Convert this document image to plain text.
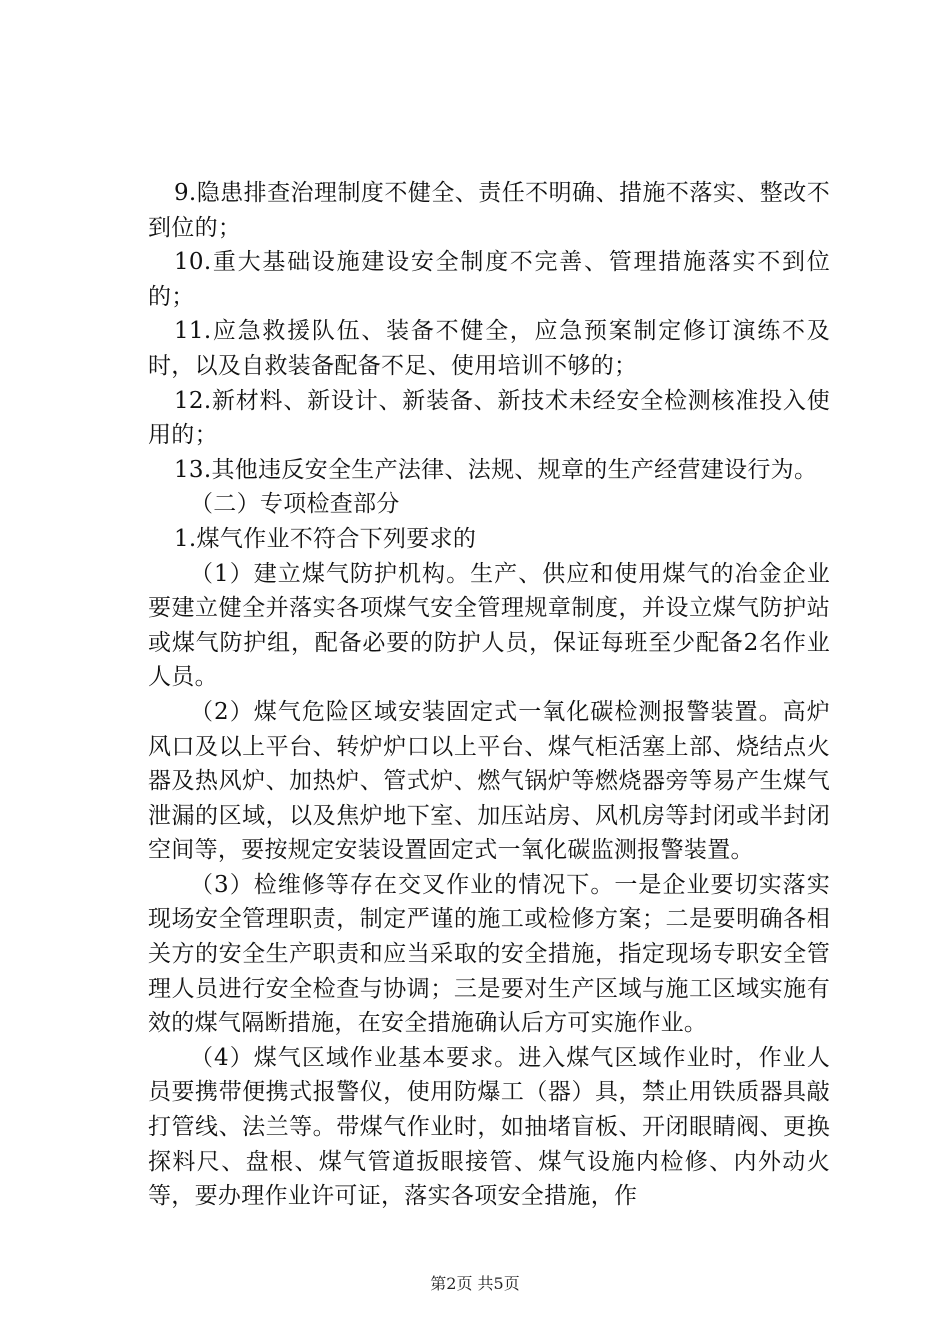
9.隐患排查治理制度不健全、责任不明确、措施不落实、整改不到位的；

10.重大基础设施建设安全制度不完善、管理措施落实不到位的；

11.应急救援队伍、装备不健全，应急预案制定修订演练不及时，以及自救装备配备不足、使用培训不够的；

12.新材料、新设计、新装备、新技术未经安全检测核准投入使用的；

13.其他违反安全生产法律、法规、规章的生产经营建设行为。

（二）专项检查部分

1.煤气作业不符合下列要求的

（1）建立煤气防护机构。生产、供应和使用煤气的冶金企业要建立健全并落实各项煤气安全管理规章制度，并设立煤气防护站或煤气防护组，配备必要的防护人员，保证每班至少配备2名作业人员。

（2）煤气危险区域安装固定式一氧化碳检测报警装置。高炉风口及以上平台、转炉炉口以上平台、煤气柜活塞上部、烧结点火器及热风炉、加热炉、管式炉、燃气锅炉等燃烧器旁等易产生煤气泄漏的区域，以及焦炉地下室、加压站房、风机房等封闭或半封闭空间等，要按规定安装设置固定式一氧化碳监测报警装置。

（3）检维修等存在交叉作业的情况下。一是企业要切实落实现场安全管理职责，制定严谨的施工或检修方案；二是要明确各相关方的安全生产职责和应当采取的安全措施，指定现场专职安全管理人员进行安全检查与协调；三是要对生产区域与施工区域实施有效的煤气隔断措施，在安全措施确认后方可实施作业。

（4）煤气区域作业基本要求。进入煤气区域作业时，作业人员要携带便携式报警仪，使用防爆工（器）具，禁止用铁质器具敲打管线、法兰等。带煤气作业时，如抽堵盲板、开闭眼睛阀、更换探料尺、盘根、煤气管道扳眼接管、煤气设施内检修、内外动火等，要办理作业许可证，落实各项安全措施，作

第2页 共5页
